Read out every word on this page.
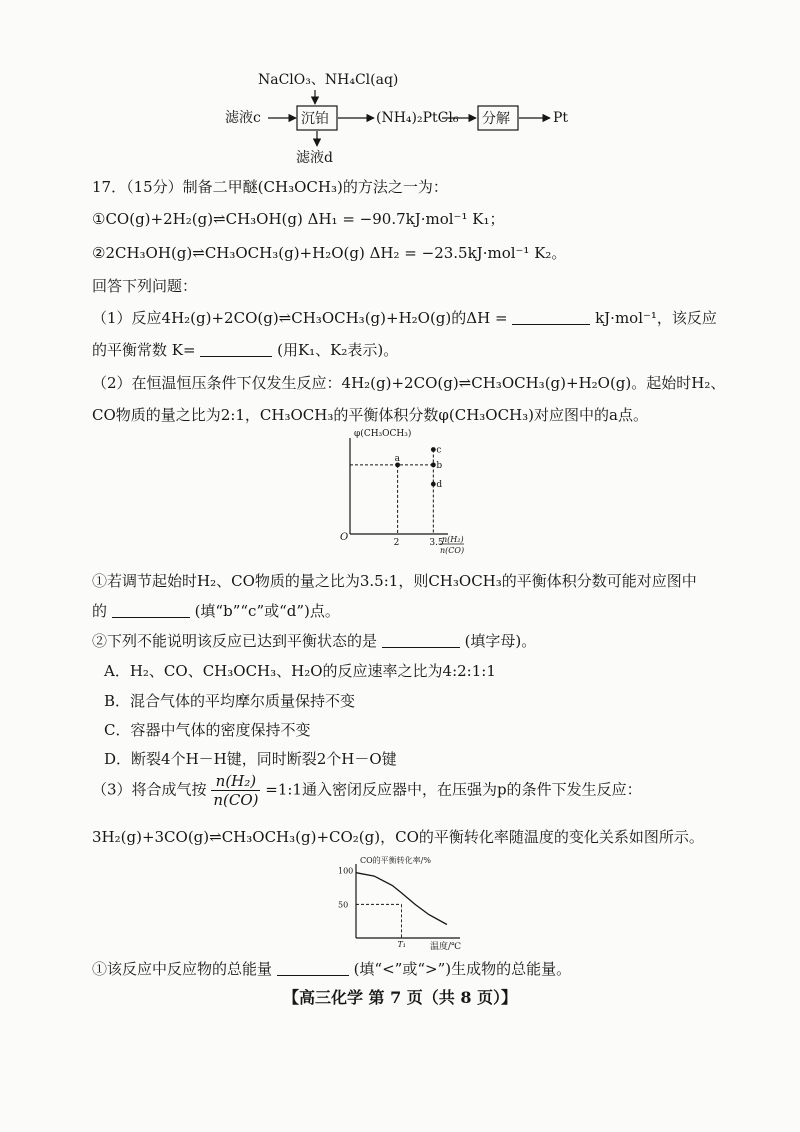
NaClO₃、NH₄Cl(aq)
滤液c	沉铂	(NH₄)₂PtCl₆ 分解	Pt
滤液d
17．（15分）制备二甲醚(CH₃OCH₃)的方法之一为：
①CO(g)+2H₂(g)⇌CH₃OH(g) ΔH₁ = −90.7kJ·mol⁻¹ K₁；
②2CH₃OH(g)⇌CH₃OCH₃(g)+H₂O(g) ΔH₂ = −23.5kJ·mol⁻¹ K₂。
回答下列问题：
（1）反应4H₂(g)+2CO(g)⇌CH₃OCH₃(g)+H₂O(g)的ΔH =	kJ·mol⁻¹，该反应
的平衡常数 K=	(用K₁、K₂表示)。
（2）在恒温恒压条件下仅发生反应：4H₂(g)+2CO(g)⇌CH₃OCH₃(g)+H₂O(g)。起始时H₂、
CO物质的量之比为2:1，CH₃OCH₃的平衡体积分数φ(CH₃OCH₃)对应图中的a点。
φ(CH₃OCH₃)
O	2	3.5
a
b
c
d
n(H₂)
n(CO)
①若调节起始时H₂、CO物质的量之比为3.5:1，则CH₃OCH₃的平衡体积分数可能对应图中
的	(填“b”“c”或“d”)点。
②下列不能说明该反应已达到平衡状态的是	(填字母)。
A．H₂、CO、CH₃OCH₃、H₂O的反应速率之比为4:2:1:1
B．混合气体的平均摩尔质量保持不变
C．容器中气体的密度保持不变
D．断裂4个H－H键，同时断裂2个H－O键
（3）将合成气按 $\frac{\text{n(H₂)}}{n(CO)}$ =1:1通入密闭反应器中，在压强为p的条件下发生反应：
3H₂(g)+3CO(g)⇌CH₃OCH₃(g)+CO₂(g)，CO的平衡转化率随温度的变化关系如图所示。
CO的平衡转化率/%
100
50
T₁	温度/℃
①该反应中反应物的总能量	(填“<”或“>”)生成物的总能量。
【高三化学 第 7 页（共 8 页）】
